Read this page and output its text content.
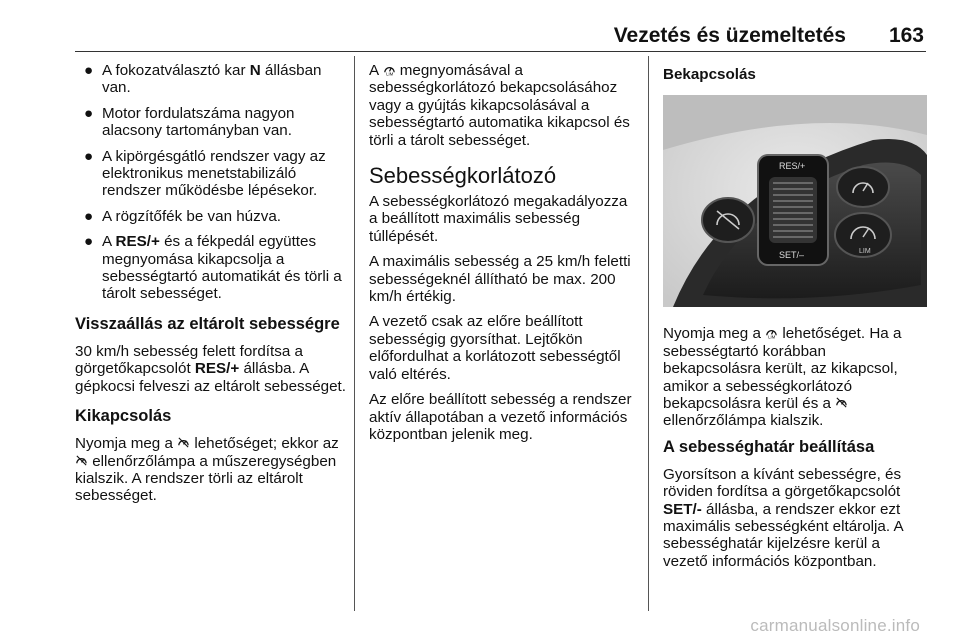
Vezetés és üzemeltetés 163
● A fokozatválasztó kar N állásban van.
● Motor fordulatszáma nagyon alacsony tartományban van.
● A kipörgésgátló rendszer vagy az elektronikus menetstabilizáló rendszer működésbe lépésekor.
● A rögzítőfék be van húzva.
● A RES/+ és a fékpedál együttes megnyomása kikapcsolja a sebességtartó automatikát és törli a tárolt sebességet.
Visszaállás az eltárolt sebességre

30 km/h sebesség felett fordítsa a görgetőkapcsolót RES/+ állásba. A gépkocsi felveszi az eltárolt sebességet.

Kikapcsolás

Nyomja meg a  lehetőséget; ekkor az  ellenőrzőlámpa a műszeregységben kialszik. A rendszer törli az eltárolt sebességet.

A LIM megnyomásával a sebességkorlátozó bekapcsolásához vagy a gyújtás kikapcsolásával a sebességtartó automatika kikapcsol és törli a tárolt sebességet.

Sebességkorlátozó

A sebességkorlátozó megakadályozza a beállított maximális sebesség túllépését.

A maximális sebesség a 25 km/h feletti sebességeknél állítható be max. 200 km/h értékig.

A vezető csak az előre beállított sebességig gyorsíthat. Lejtőkön előfordulhat a korlátozott sebességtől való eltérés.

Az előre beállított sebesség a rendszer aktív állapotában a vezető információs központban jelenik meg.

Bekapcsolás
RES/+
SET/–	LIM

Nyomja meg a LIM lehetőséget. Ha a sebességtartó korábban bekapcsolásra került, az kikapcsol, amikor a sebességkorlátozó bekapcsolásra kerül és a  ellenőrzőlámpa kialszik.

A sebességhatár beállítása

Gyorsítson a kívánt sebességre, és röviden fordítsa a görgetőkapcsolót SET/- állásba, a rendszer ekkor ezt maximális sebességként eltárolja. A sebességhatár kijelzésre kerül a vezető információs központban.

carmanualsonline.info
